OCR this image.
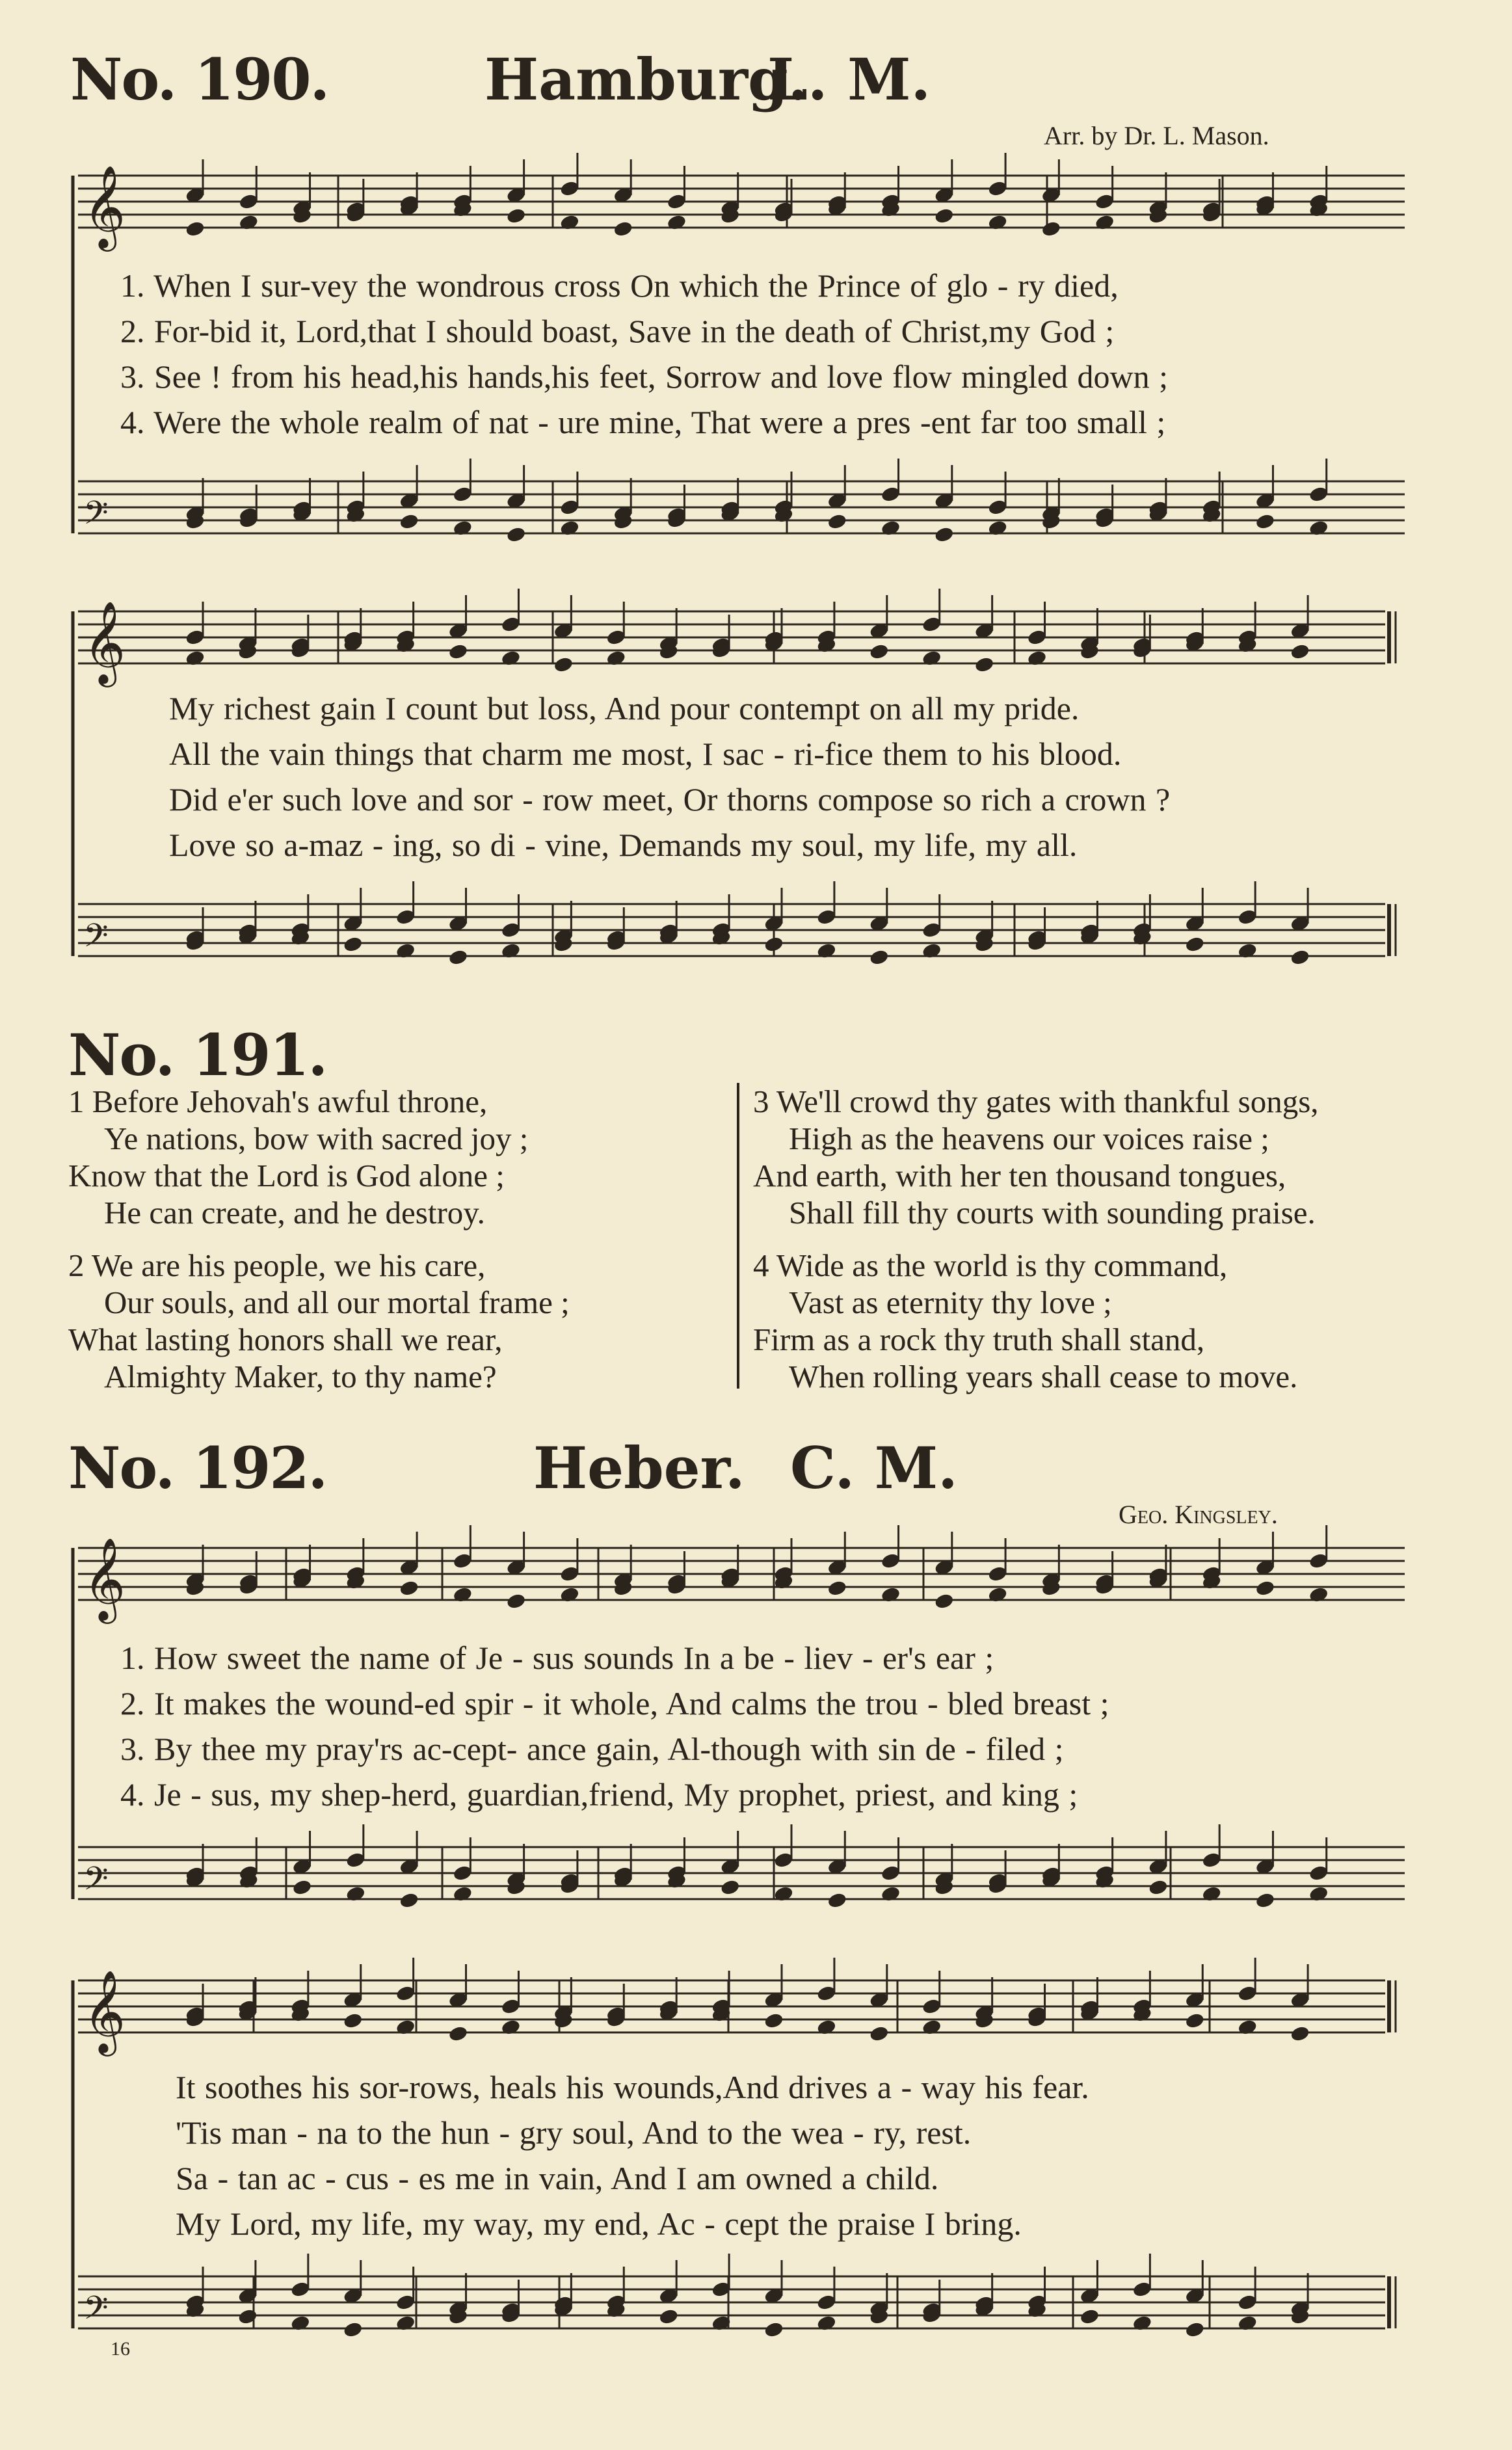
No. 190.	Hamburg.
L. M.
Arr. by Dr. L. Mason.
𝄞
𝄢
𝄞
𝄢
𝄞
𝄢
𝄞
𝄢
1. When I sur-vey the wondrous cross On which the Prince of glo - ry died,
2. For-bid it, Lord,that I should boast, Save in the death of Christ,my God ;
3. See ! from his head,his hands,his feet, Sorrow and love flow mingled down ;
4. Were the whole realm of nat - ure mine, That were a pres -ent far too small ;
My richest gain I count but loss, And pour contempt on all my pride.
All the vain things that charm me most, I sac - ri-fice them to his blood.
Did e'er such love and sor - row meet, Or thorns compose so rich a crown ?
Love so a-maz - ing, so di - vine, Demands my soul, my life, my all.
No. 191.
1 Before Jehovah's awful throne,
Ye nations, bow with sacred joy ;
Know that the Lord is God alone ;
He can create, and he destroy.
2 We are his people, we his care,
Our souls, and all our mortal frame ;
What lasting honors shall we rear,
Almighty Maker, to thy name?
3 We'll crowd thy gates with thankful songs,
High as the heavens our voices raise ;
And earth, with her ten thousand tongues,
Shall fill thy courts with sounding praise.
4 Wide as the world is thy command,
Vast as eternity thy love ;
Firm as a rock thy truth shall stand,
When rolling years shall cease to move.
No. 192.	Heber. C. M.
Geo. Kingsley.
1. How sweet the name of Je - sus sounds In a be - liev - er's ear ;
2. It makes the wound-ed spir - it whole, And calms the trou - bled breast ;
3. By thee my pray'rs ac-cept- ance gain, Al-though with sin de - filed ;
4. Je - sus, my shep-herd, guardian,friend, My prophet, priest, and king ;
It soothes his sor-rows, heals his wounds,And drives a - way his fear.
'Tis man - na to the hun - gry soul, And to the wea - ry, rest.
Sa - tan ac - cus - es me in vain, And I am owned a child.
My Lord, my life, my way, my end, Ac - cept the praise I bring.
16
